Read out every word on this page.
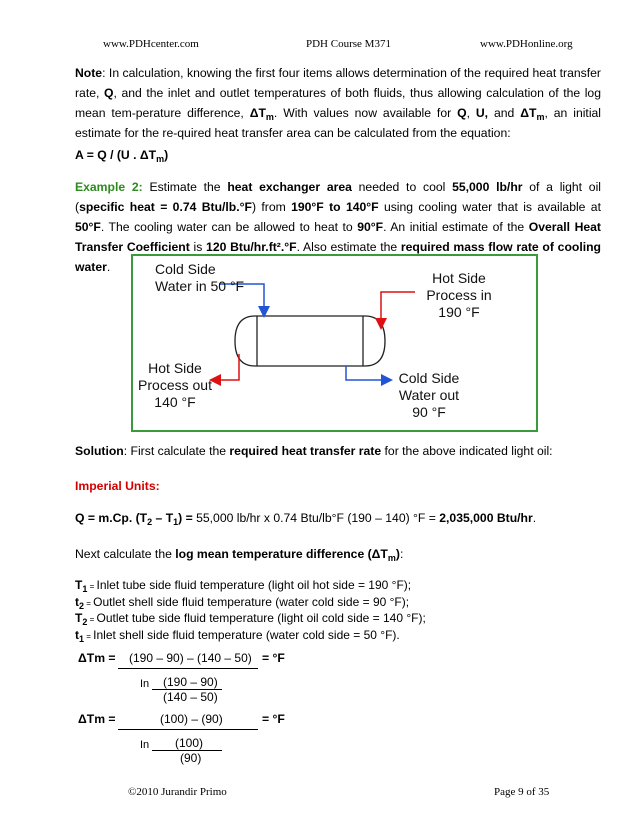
www.PDHcenter.com	PDH Course M371	www.PDHonline.org
Note: In calculation, knowing the first four items allows determination of the required heat transfer rate, Q, and the inlet and outlet temperatures of both fluids, thus allowing calculation of the log mean tem-perature difference, $\Delta T_m$. With values now available for Q, U, and $\Delta T_m$, an initial estimate for the re-quired heat transfer area can be calculated from the equation:
A = Q / (U . $\Delta T_m$)
Example 2: Estimate the heat exchanger area needed to cool 55,000 lb/hr of a light oil (specific heat = 0.74 Btu/lb.°F) from 190°F to 140°F using cooling water that is available at 50°F. The cooling water can be allowed to heat to 90°F. An initial estimate of the Overall Heat Transfer Coefficient is 120 Btu/hr.ft².°F. Also estimate the required mass flow rate of cooling water.	Cold Side
Water in 50 °F	Hot Side
Process in
190 °F
Hot Side
Process out
140 °F
Cold Side
Water out
90 °F
Solution: First calculate the required heat transfer rate for the above indicated light oil:
Imperial Units:
Q = m.Cp. $(T_2 - T_1) = 55,000$ lb/hr x 0.74 Btu/lb°F (190 – 140) °F = 2,035,000 Btu/hr.
Next calculate the log mean temperature difference $(\Delta T_m)$:
$T_1$ = Inlet tube side fluid temperature (light oil hot side = 190 °F);
$t_2$ = Outlet shell side fluid temperature (water cold side = 90 °F);
$T_2$ = Outlet tube side fluid temperature (light oil cold side = 140 °F);
$t_1$ = Inlet shell side fluid temperature (water cold side = 50 °F).
ΔTm = (190 – 90) – (140 – 50) = °F
In (190 – 90)
(140 – 50)
ΔTm =	(100) – (90)	= °F
In (100)
(90)
©2010 Jurandir Primo	Page 9 of 35
